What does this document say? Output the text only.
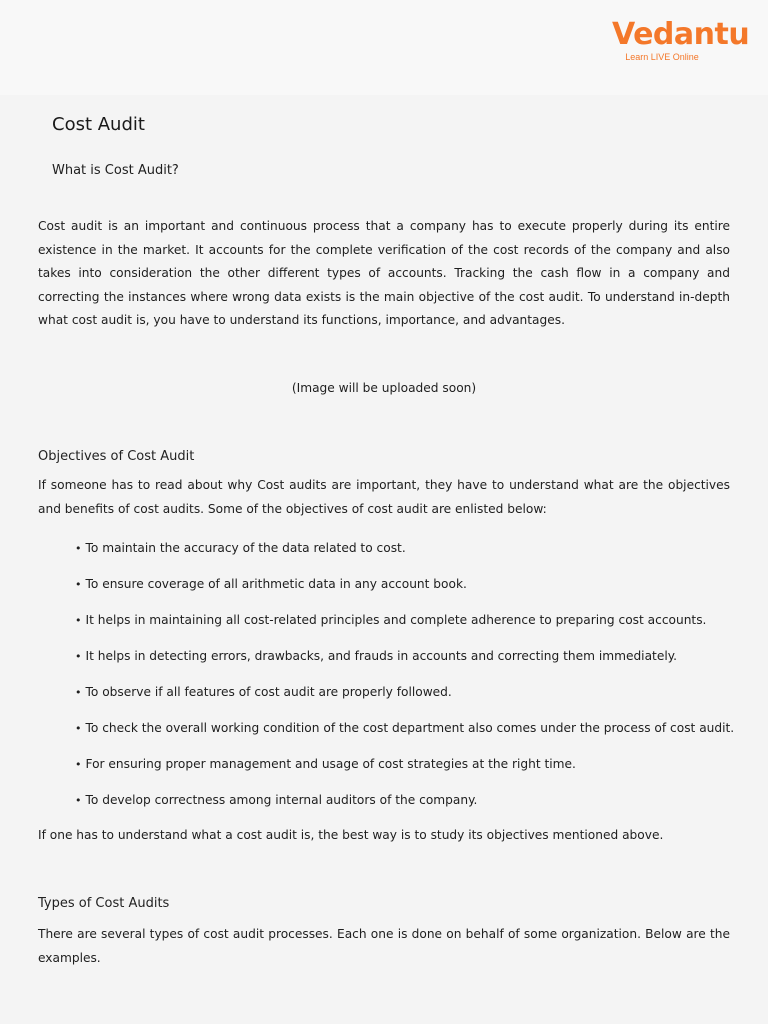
Vedantu
Learn LIVE Online
Cost Audit
What is Cost Audit?
Cost audit is an important and continuous process that a company has to execute properly during its entire existence in the market. It accounts for the complete verification of the cost records of the company and also takes into consideration the other different types of accounts. Tracking the cash flow in a company and correcting the instances where wrong data exists is the main objective of the cost audit. To understand in-depth what cost audit is, you have to understand its functions, importance, and advantages.
(Image will be uploaded soon)
Objectives of Cost Audit
If someone has to read about why Cost audits are important, they have to understand what are the objectives and benefits of cost audits. Some of the objectives of cost audit are enlisted below:
• To maintain the accuracy of the data related to cost.
• To ensure coverage of all arithmetic data in any account book.
• It helps in maintaining all cost-related principles and complete adherence to preparing cost accounts.
• It helps in detecting errors, drawbacks, and frauds in accounts and correcting them immediately.
• To observe if all features of cost audit are properly followed.
• To check the overall working condition of the cost department also comes under the process of cost audit.
• For ensuring proper management and usage of cost strategies at the right time.
• To develop correctness among internal auditors of the company.
If one has to understand what a cost audit is, the best way is to study its objectives mentioned above.
Types of Cost Audits
There are several types of cost audit processes. Each one is done on behalf of some organization. Below are the examples.
